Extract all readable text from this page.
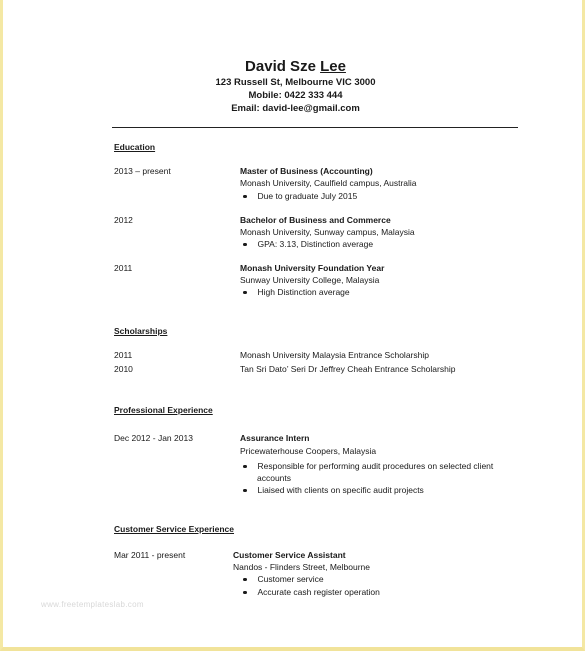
David Sze Lee
123 Russell St, Melbourne VIC 3000
Mobile: 0422 333 444
Email: david-lee@gmail.com
Education
2013 – present	Master of Business (Accounting)
Monash University, Caulfield campus, Australia
Due to graduate July 2015
2012	Bachelor of Business and Commerce
Monash University, Sunway campus, Malaysia
GPA: 3.13, Distinction average
2011	Monash University Foundation Year
Sunway University College, Malaysia
High Distinction average
Scholarships
2011	Monash University Malaysia Entrance Scholarship
2010	Tan Sri Dato’ Seri Dr Jeffrey Cheah Entrance Scholarship
Professional Experience
Dec 2012 - Jan 2013	Assurance Intern
Pricewaterhouse Coopers, Malaysia
Responsible for performing audit procedures on selected client
accounts
Liaised with clients on specific audit projects
Customer Service Experience
Mar 2011 - present	Customer Service Assistant
Nandos - Flinders Street, Melbourne
Customer service
Accurate cash register operation
www.freetemplateslab.com
